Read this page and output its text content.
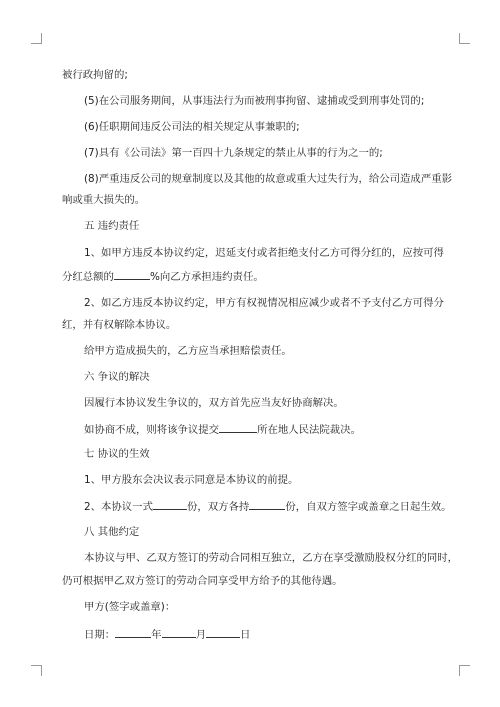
被行政拘留的;
(5)在公司服务期间，从事违法行为而被刑事拘留、逮捕或受到刑事处罚的;
(6)任职期间违反公司法的相关规定从事兼职的;
(7)具有《公司法》第一百四十九条规定的禁止从事的行为之一的;
(8)严重违反公司的规章制度以及其他的故意或重大过失行为，给公司造成严重影
响或重大损失的。
五 违约责任
1、如甲方违反本协议约定，迟延支付或者拒绝支付乙方可得分红的，应按可得
分红总额的	%向乙方承担违约责任。
2、如乙方违反本协议约定，甲方有权视情况相应减少或者不予支付乙方可得分
红，并有权解除本协议。
给甲方造成损失的，乙方应当承担赔偿责任。
六 争议的解决
因履行本协议发生争议的，双方首先应当友好协商解决。
如协商不成，则将该争议提交	所在地人民法院裁决。
七 协议的生效
1、甲方股东会决议表示同意是本协议的前提。
2、本协议一式	份，双方各持	份，自双方签字或盖章之日起生效。
八 其他约定
本协议与甲、乙双方签订的劳动合同相互独立，乙方在享受激励股权分红的同时，
仍可根据甲乙双方签订的劳动合同享受甲方给予的其他待遇。
甲方(签字或盖章)：
日期：	年	月	日
